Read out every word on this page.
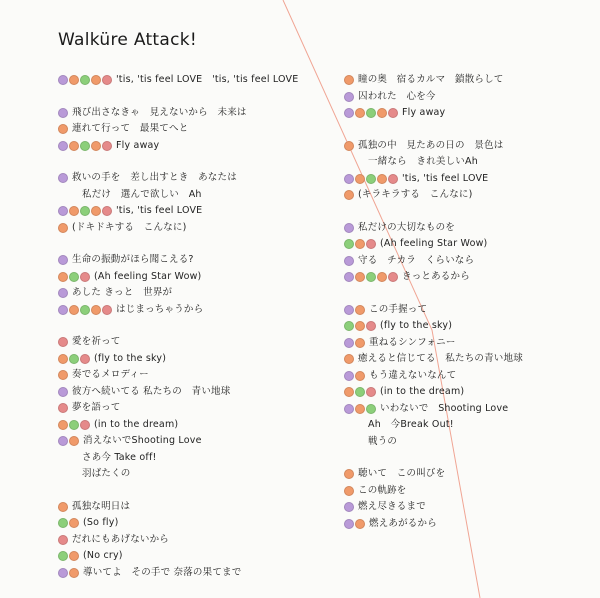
Walküre Attack!
'tis, 'tis feel LOVE　'tis, 'tis feel LOVE
飛び出さなきゃ　見えないから　未来は
連れて行って　最果てへと
Fly away
救いの手を　差し出すとき　あなたは
私だけ　選んで欲しい　Ah
'tis, 'tis feel LOVE
(ドキドキする　こんなに)
生命の振動がほら聞こえる?
(Ah feeling Star Wow)
あした きっと　世界が
はじまっちゃうから
愛を祈って
(fly to the sky)
奏でるメロディー
彼方へ続いてる 私たちの　青い地球
夢を語って
(in to the dream)
消えないでShooting Love
さあ今 Take off!
羽ばたくの
孤独な明日は
(So fly)
だれにもあげないから
(No cry)
導いてよ　その手で 奈落の果てまで
瞳の奥　宿るカルマ　鎖散らして
囚われた　心を今
Fly away
孤独の中　見たあの日の　景色は
一緒なら　きれ美しいAh
'tis, 'tis feel LOVE
(キラキラする　こんなに)
私だけの大切なものを
(Ah feeling Star Wow)
守る　チカラ　くらいなら
きっとあるから
この手握って
(fly to the sky)
重ねるシンフォニー
癒えると信じてる　私たちの青い地球
もう違えないなんて
(in to the dream)
いわないで　Shooting Love
Ah　今Break Out!
戦うの
聴いて　この叫びを
この軌跡を
燃え尽きるまで
燃えあがるから
